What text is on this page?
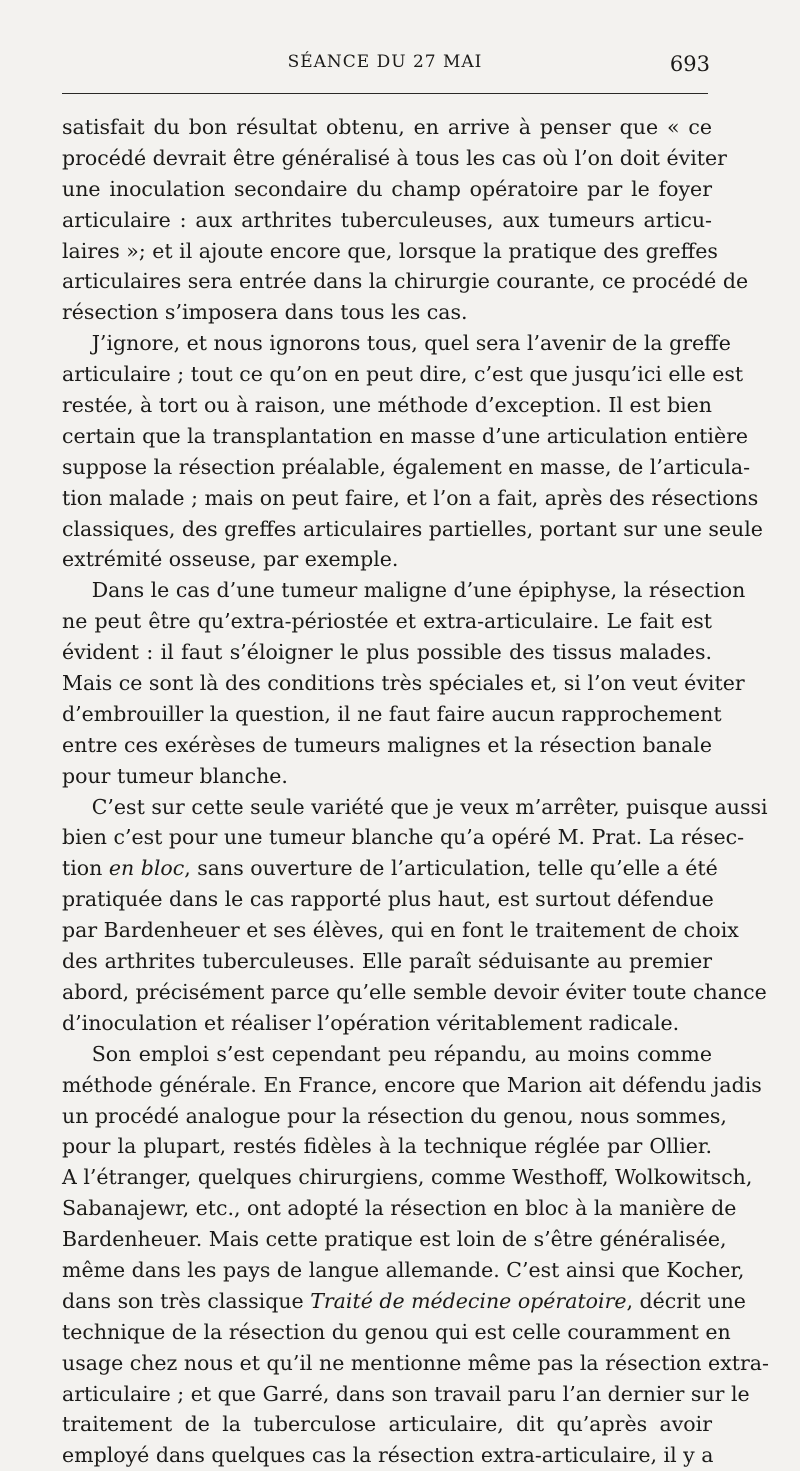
SÉANCE DU 27 MAI	693
satisfait du bon résultat obtenu, en arrive à penser que « ce
procédé devrait être généralisé à tous les cas où l’on doit éviter
une inoculation secondaire du champ opératoire par le foyer
articulaire : aux arthrites tuberculeuses, aux tumeurs articu-
laires »; et il ajoute encore que, lorsque la pratique des greffes
articulaires sera entrée dans la chirurgie courante, ce procédé de
résection s’imposera dans tous les cas.
J’ignore, et nous ignorons tous, quel sera l’avenir de la greffe
articulaire ; tout ce qu’on en peut dire, c’est que jusqu’ici elle est
restée, à tort ou à raison, une méthode d’exception. Il est bien
certain que la transplantation en masse d’une articulation entière
suppose la résection préalable, également en masse, de l’articula-
tion malade ; mais on peut faire, et l’on a fait, après des résections
classiques, des greffes articulaires partielles, portant sur une seule
extrémité osseuse, par exemple.
Dans le cas d’une tumeur maligne d’une épiphyse, la résection
ne peut être qu’extra-périostée et extra-articulaire. Le fait est
évident : il faut s’éloigner le plus possible des tissus malades.
Mais ce sont là des conditions très spéciales et, si l’on veut éviter
d’embrouiller la question, il ne faut faire aucun rapprochement
entre ces exérèses de tumeurs malignes et la résection banale
pour tumeur blanche.
C’est sur cette seule variété que je veux m’arrêter, puisque aussi
bien c’est pour une tumeur blanche qu’a opéré M. Prat. La résec-
tion en bloc, sans ouverture de l’articulation, telle qu’elle a été
pratiquée dans le cas rapporté plus haut, est surtout défendue
par Bardenheuer et ses élèves, qui en font le traitement de choix
des arthrites tuberculeuses. Elle paraît séduisante au premier
abord, précisément parce qu’elle semble devoir éviter toute chance
d’inoculation et réaliser l’opération véritablement radicale.
Son emploi s’est cependant peu répandu, au moins comme
méthode générale. En France, encore que Marion ait défendu jadis
un procédé analogue pour la résection du genou, nous sommes,
pour la plupart, restés fidèles à la technique réglée par Ollier.
A l’étranger, quelques chirurgiens, comme Westhoff, Wolkowitsch,
Sabanajewr, etc., ont adopté la résection en bloc à la manière de
Bardenheuer. Mais cette pratique est loin de s’être généralisée,
même dans les pays de langue allemande. C’est ainsi que Kocher,
dans son très classique Traité de médecine opératoire, décrit une
technique de la résection du genou qui est celle couramment en
usage chez nous et qu’il ne mentionne même pas la résection extra-
articulaire ; et que Garré, dans son travail paru l’an dernier sur le
traitement de la tuberculose articulaire, dit qu’après avoir
employé dans quelques cas la résection extra-articulaire, il y a
